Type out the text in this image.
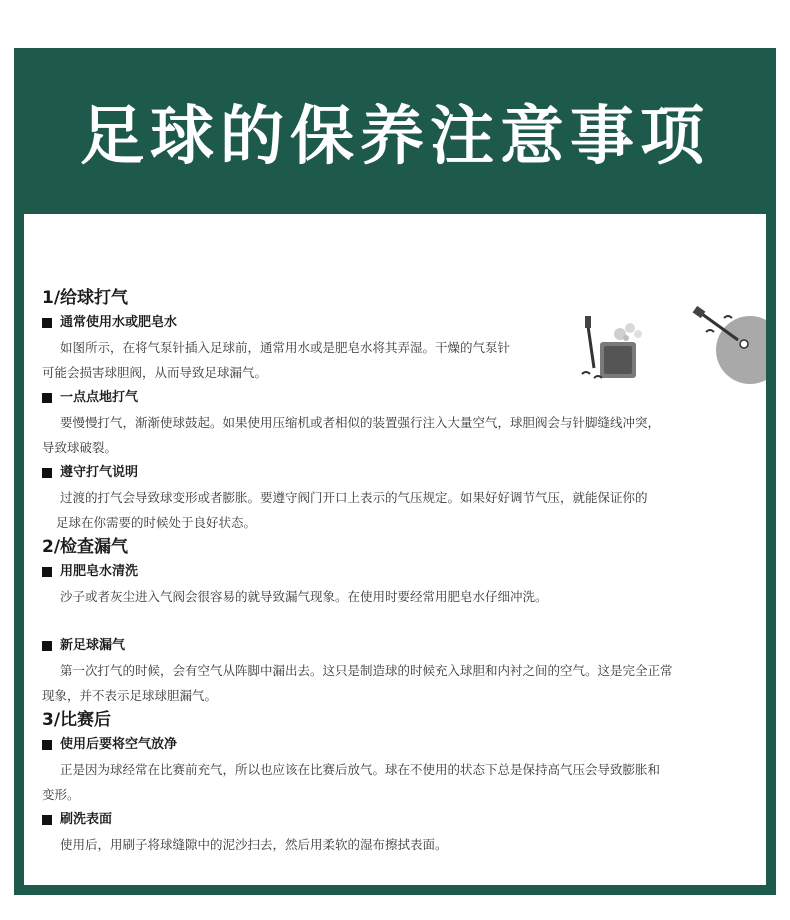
足球的保养注意事项
1/给球打气
通常使用水或肥皂水
如图所示，在将气泵针插入足球前，通常用水或是肥皂水将其弄湿。干燥的气泵针
可能会损害球胆阀，从而导致足球漏气。
一点点地打气
要慢慢打气，渐渐使球鼓起。如果使用压缩机或者相似的装置强行注入大量空气，球胆阀会与针脚缝线冲突，
导致球破裂。
遵守打气说明
过渡的打气会导致球变形或者膨胀。要遵守阀门开口上表示的气压规定。如果好好调节气压，就能保证你的
足球在你需要的时候处于良好状态。
2/检查漏气
用肥皂水清洗
沙子或者灰尘进入气阀会很容易的就导致漏气现象。在使用时要经常用肥皂水仔细冲洗。
新足球漏气
第一次打气的时候，会有空气从阵脚中漏出去。这只是制造球的时候充入球胆和内衬之间的空气。这是完全正常
现象，并不表示足球球胆漏气。
3/比赛后
使用后要将空气放净
正是因为球经常在比赛前充气，所以也应该在比赛后放气。球在不使用的状态下总是保持高气压会导致膨胀和
变形。
刷洗表面
使用后，用刷子将球缝隙中的泥沙扫去，然后用柔软的湿布擦拭表面。
